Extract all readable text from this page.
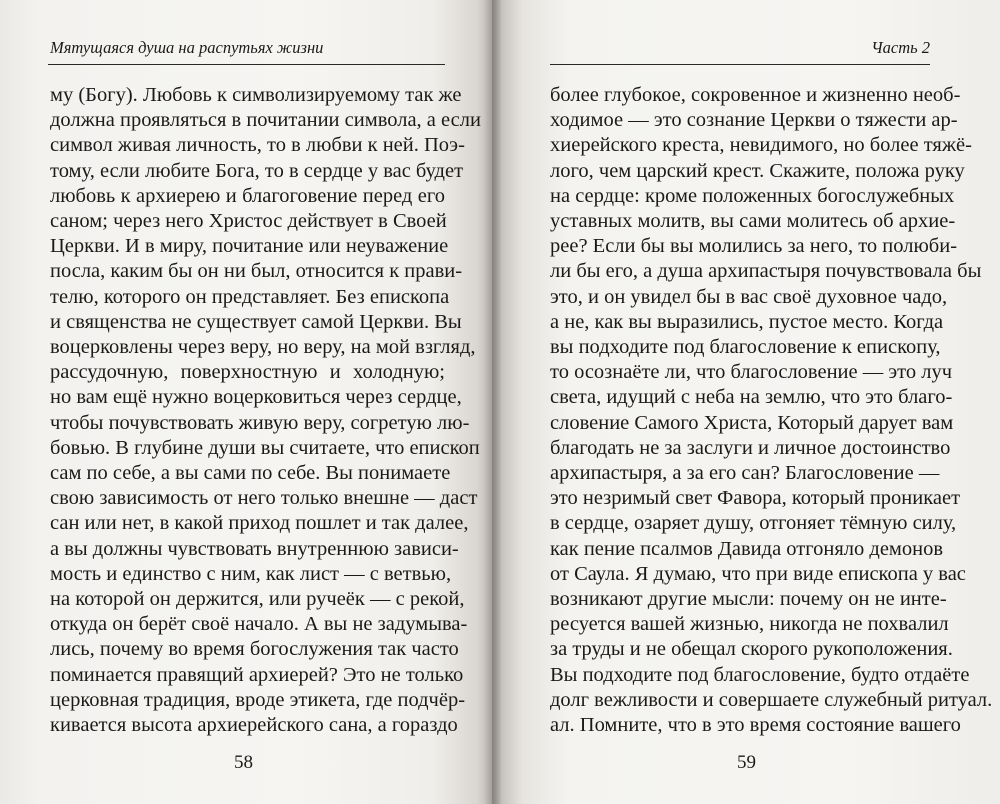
Мятущаяся душа на распутьях жизни
му (Богу). Любовь к символизируемому так же
должна проявляться в почитании символа, а если
символ живая личность, то в любви к ней. Поэ-
тому, если любите Бога, то в сердце у вас будет
любовь к архиерею и благоговение перед его
саном; через него Христос действует в Своей
Церкви. И в миру, почитание или неуважение
посла, каким бы он ни был, относится к прави-
телю, которого он представляет. Без епископа
и священства не существует самой Церкви. Вы
воцерковлены через веру, но веру, на мой взгляд,
рассудочную, поверхностную и холодную;
но вам ещё нужно воцерковиться через сердце,
чтобы почувствовать живую веру, согретую лю-
бовью. В глубине души вы считаете, что епископ
сам по себе, а вы сами по себе. Вы понимаете
свою зависимость от него только внешне — даст
сан или нет, в какой приход пошлет и так далее,
а вы должны чувствовать внутреннюю зависи-
мость и единство с ним, как лист — с ветвью,
на которой он держится, или ручеёк — с рекой,
откуда он берёт своё начало. А вы не задумыва-
лись, почему во время богослужения так часто
поминается правящий архиерей? Это не только
церковная традиция, вроде этикета, где подчёр-
кивается высота архиерейского сана, а гораздо
58
Часть 2
более глубокое, сокровенное и жизненно необ-
ходимое — это сознание Церкви о тяжести ар-
хиерейского креста, невидимого, но более тяжё-
лого, чем царский крест. Скажите, положа руку
на сердце: кроме положенных богослужебных
уставных молитв, вы сами молитесь об архие-
рее? Если бы вы молились за него, то полюби-
ли бы его, а душа архипастыря почувствовала бы
это, и он увидел бы в вас своё духовное чадо,
а не, как вы выразились, пустое место. Когда
вы подходите под благословение к епископу,
то осознаёте ли, что благословение — это луч
света, идущий с неба на землю, что это благо-
словение Самого Христа, Который дарует вам
благодать не за заслуги и личное достоинство
архипастыря, а за его сан? Благословение —
это незримый свет Фавора, который проникает
в сердце, озаряет душу, отгоняет тёмную силу,
как пение псалмов Давида отгоняло демонов
от Саула. Я думаю, что при виде епископа у вас
возникают другие мысли: почему он не инте-
ресуется вашей жизнью, никогда не похвалил
за труды и не обещал скорого рукоположения.
Вы подходите под благословение, будто отдаёте
долг вежливости и совершаете служебный ритуал.
ал. Помните, что в это время состояние вашего
59
